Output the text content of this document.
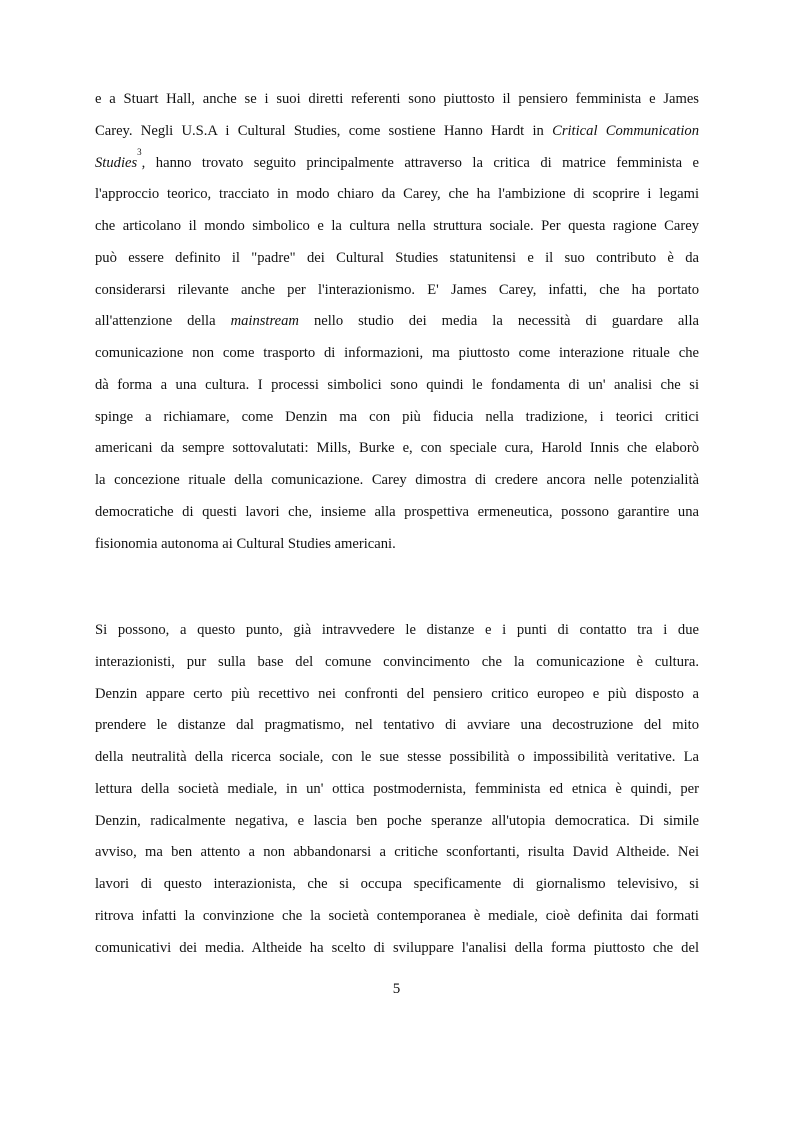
e a Stuart Hall, anche se i suoi diretti referenti sono piuttosto il pensiero femminista e James
Carey. Negli U.S.A i Cultural Studies, come sostiene Hanno Hardt in Critical Communication
Studies$^3$, hanno trovato seguito principalmente attraverso la critica di matrice femminista e
l'approccio teorico, tracciato in modo chiaro da Carey, che ha l'ambizione di scoprire i legami
che articolano il mondo simbolico e la cultura nella struttura sociale. Per questa ragione Carey
può essere definito il "padre" dei Cultural Studies statunitensi e il suo contributo è da
considerarsi rilevante anche per l'interazionismo. E' James Carey, infatti, che ha portato
all'attenzione della mainstream nello studio dei media la necessità di guardare alla
comunicazione non come trasporto di informazioni, ma piuttosto come interazione rituale che
dà forma a una cultura. I processi simbolici sono quindi le fondamenta di un' analisi che si
spinge a richiamare, come Denzin ma con più fiducia nella tradizione, i teorici critici
americani da sempre sottovalutati: Mills, Burke e, con speciale cura, Harold Innis che elaborò
la concezione rituale della comunicazione. Carey dimostra di credere ancora nelle potenzialità
democratiche di questi lavori che, insieme alla prospettiva ermeneutica, possono garantire una
fisionomia autonoma ai Cultural Studies americani.
Si possono, a questo punto, già intravvedere le distanze e i punti di contatto tra i due
interazionisti, pur sulla base del comune convincimento che la comunicazione è cultura.
Denzin appare certo più recettivo nei confronti del pensiero critico europeo e più disposto a
prendere le distanze dal pragmatismo, nel tentativo di avviare una decostruzione del mito
della neutralità della ricerca sociale, con le sue stesse possibilità o impossibilità veritative. La
lettura della società mediale, in un' ottica postmodernista, femminista ed etnica è quindi, per
Denzin, radicalmente negativa, e lascia ben poche speranze all'utopia democratica. Di simile
avviso, ma ben attento a non abbandonarsi a critiche sconfortanti, risulta David Altheide. Nei
lavori di questo interazionista, che si occupa specificamente di giornalismo televisivo, si
ritrova infatti la convinzione che la società contemporanea è mediale, cioè definita dai formati
comunicativi dei media. Altheide ha scelto di sviluppare l'analisi della forma piuttosto che del
5
